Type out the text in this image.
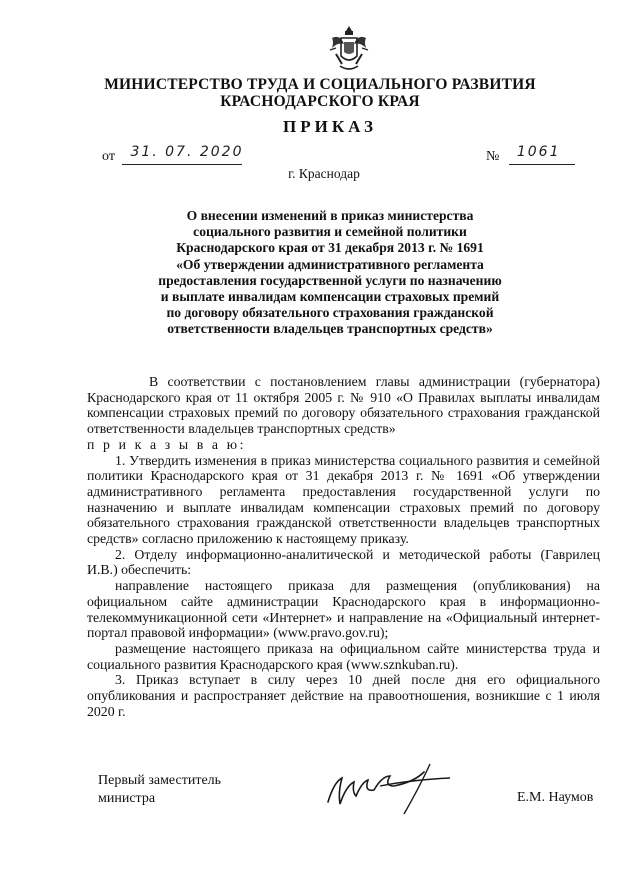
МИНИСТЕРСТВО ТРУДА И СОЦИАЛЬНОГО РАЗВИТИЯ
КРАСНОДАРСКОГО КРАЯ
ПРИКАЗ
от 31. 07. 2020	№ 1061
г. Краснодар
О внесении изменений в приказ министерства
социального развития и семейной политики
Краснодарского края от 31 декабря 2013 г. № 1691
«Об утверждении административного регламента
предоставления государственной услуги по назначению
и выплате инвалидам компенсации страховых премий
по договору обязательного страхования гражданской
ответственности владельцев транспортных средств»
В соответствии с постановлением главы администрации (губернатора) Краснодарского края от 11 октября 2005 г. № 910 «О Правилах выплаты инвалидам компенсации страховых премий по договору обязательного страхования гражданской ответственности владельцев транспортных средств»
п р и к а з ы в а ю:
1. Утвердить изменения в приказ министерства социального развития и семейной политики Краснодарского края от 31 декабря 2013 г. № 1691 «Об утверждении административного регламента предоставления государственной услуги по назначению и выплате инвалидам компенсации страховых премий по договору обязательного страхования гражданской ответственности владельцев транспортных средств» согласно приложению к настоящему приказу.
2. Отделу информационно-аналитической и методической работы (Гаврилец И.В.) обеспечить:
направление настоящего приказа для размещения (опубликования) на официальном сайте администрации Краснодарского края в информационно-телекоммуникационной сети «Интернет» и направление на «Официальный интернет-портал правовой информации» (www.pravo.gov.ru);
размещение настоящего приказа на официальном сайте министерства труда и социального развития Краснодарского края (www.sznkuban.ru).
3. Приказ вступает в силу через 10 дней после дня его официального опубликования и распространяет действие на правоотношения, возникшие с 1 июля 2020 г.
Первый заместитель
министра	Е.М. Наумов
